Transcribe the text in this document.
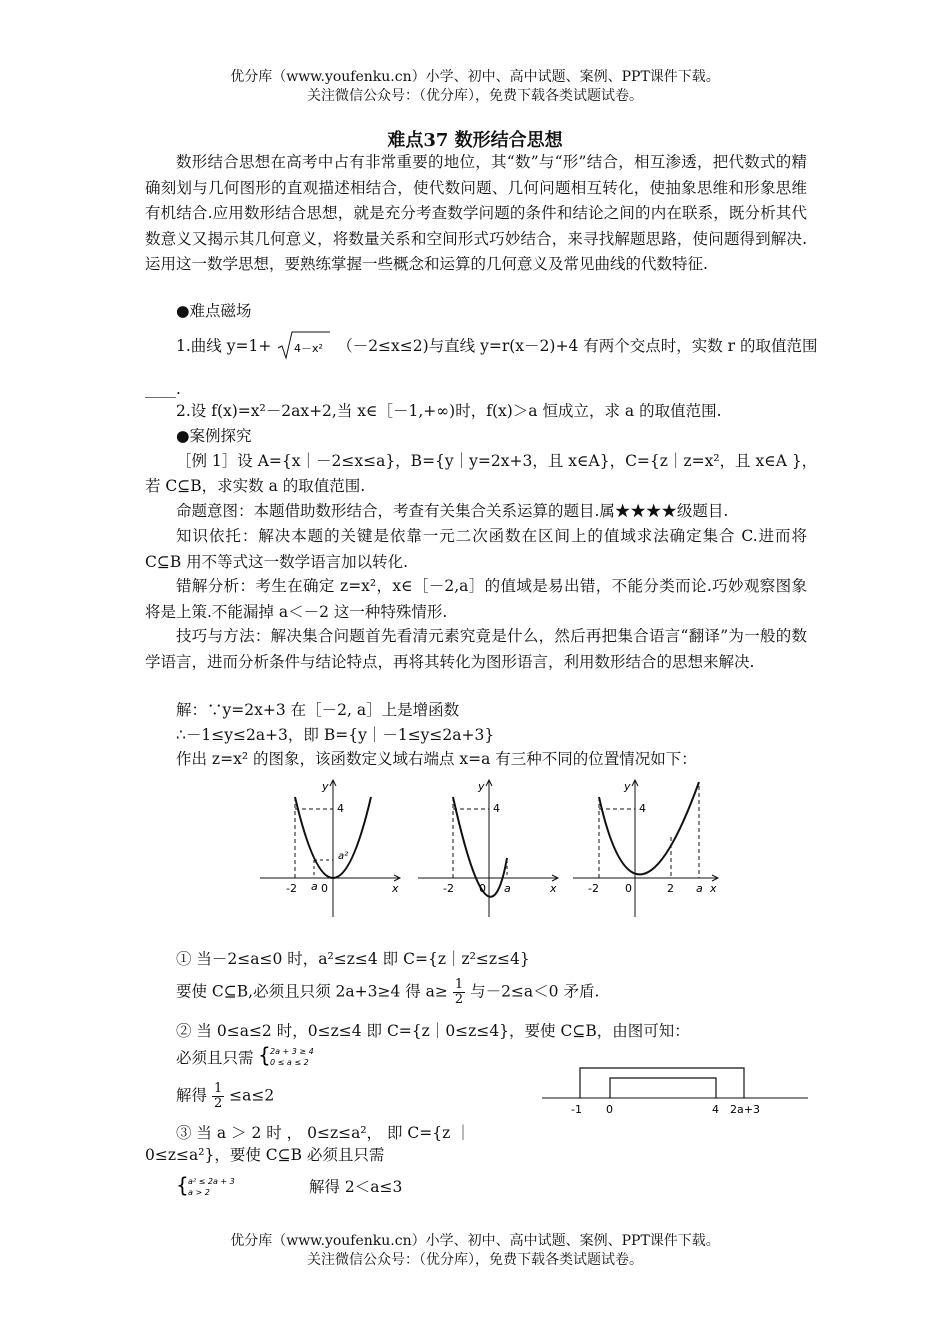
优分库（www.youfenku.cn）小学、初中、高中试题、案例、PPT课件下载。
关注微信公众号：（优分库），免费下载各类试题试卷。
难点37 数形结合思想
数形结合思想在高考中占有非常重要的地位，其“数”与“形”结合，相互渗透，把代数式的精确刻划与几何图形的直观描述相结合，使代数问题、几何问题相互转化，使抽象思维和形象思维有机结合.应用数形结合思想，就是充分考查数学问题的条件和结论之间的内在联系，既分析其代数意义又揭示其几何意义，将数量关系和空间形式巧妙结合，来寻找解题思路，使问题得到解决.运用这一数学思想，要熟练掌握一些概念和运算的几何意义及常见曲线的代数特征.
●难点磁场
1.曲线 y=1+ 4－x² （－2≤x≤2)与直线 y=r(x－2)+4 有两个交点时，实数 r 的取值范围
____.
2.设 f(x)=x²－2ax+2,当 x∈［－1,+∞)时，f(x)＞a 恒成立，求 a 的取值范围.
●案例探究
［例 1］设 A={x｜－2≤x≤a}，B={y｜y=2x+3，且 x∈A}，C={z｜z=x²，且 x∈A }，
若 C⊆B，求实数 a 的取值范围.
命题意图：本题借助数形结合，考查有关集合关系运算的题目.属★★★★级题目.
知识依托：解决本题的关键是依靠一元二次函数在区间上的值域求法确定集合 C.进而将 C⊆B 用不等式这一数学语言加以转化.
错解分析：考生在确定 z=x²，x∈［－2,a］的值域是易出错，不能分类而论.巧妙观察图象将是上策.不能漏掉 a＜－2 这一种特殊情形.
技巧与方法：解决集合问题首先看清元素究竟是什么，然后再把集合语言“翻译”为一般的数学语言，进而分析条件与结论特点，再将其转化为图形语言，利用数形结合的思想来解决.
解：∵y=2x+3 在［－2, a］上是增函数
∴－1≤y≤2a+3，即 B={y｜－1≤y≤2a+3}
作出 z=x² 的图象，该函数定义域右端点 x=a 有三种不同的位置情况如下：
y
4
a²
-2 a 0	x
y
4
-2 0 a	x
y
4
-2 0	2 a x
① 当－2≤a≤0 时，a²≤z≤4 即 C={z｜z²≤z≤4}
要使 C⊆B,必须且只须 2a+3≥4 得 $a\ge \frac{1}{2}$ 与－2≤a＜0 矛盾.
② 当 0≤a≤2 时，0≤z≤4 即 C={z｜0≤z≤4}，要使 C⊆B，由图可知：
必须且只需 { 2a + 3 ≥ 4
0 ≤ a ≤ 2
解得 $\frac{1}{2} \le a\le 2$
-1 0	4 2a+3
③ 当 a ＞ 2 时 ， 0≤z≤a²， 即 C={z ｜
0≤z≤a²}，要使 C⊆B 必须且只需
{ a² ≤ 2a + 3
a > 2	解得 2＜a≤3
优分库（www.youfenku.cn）小学、初中、高中试题、案例、PPT课件下载。
关注微信公众号：（优分库），免费下载各类试题试卷。
